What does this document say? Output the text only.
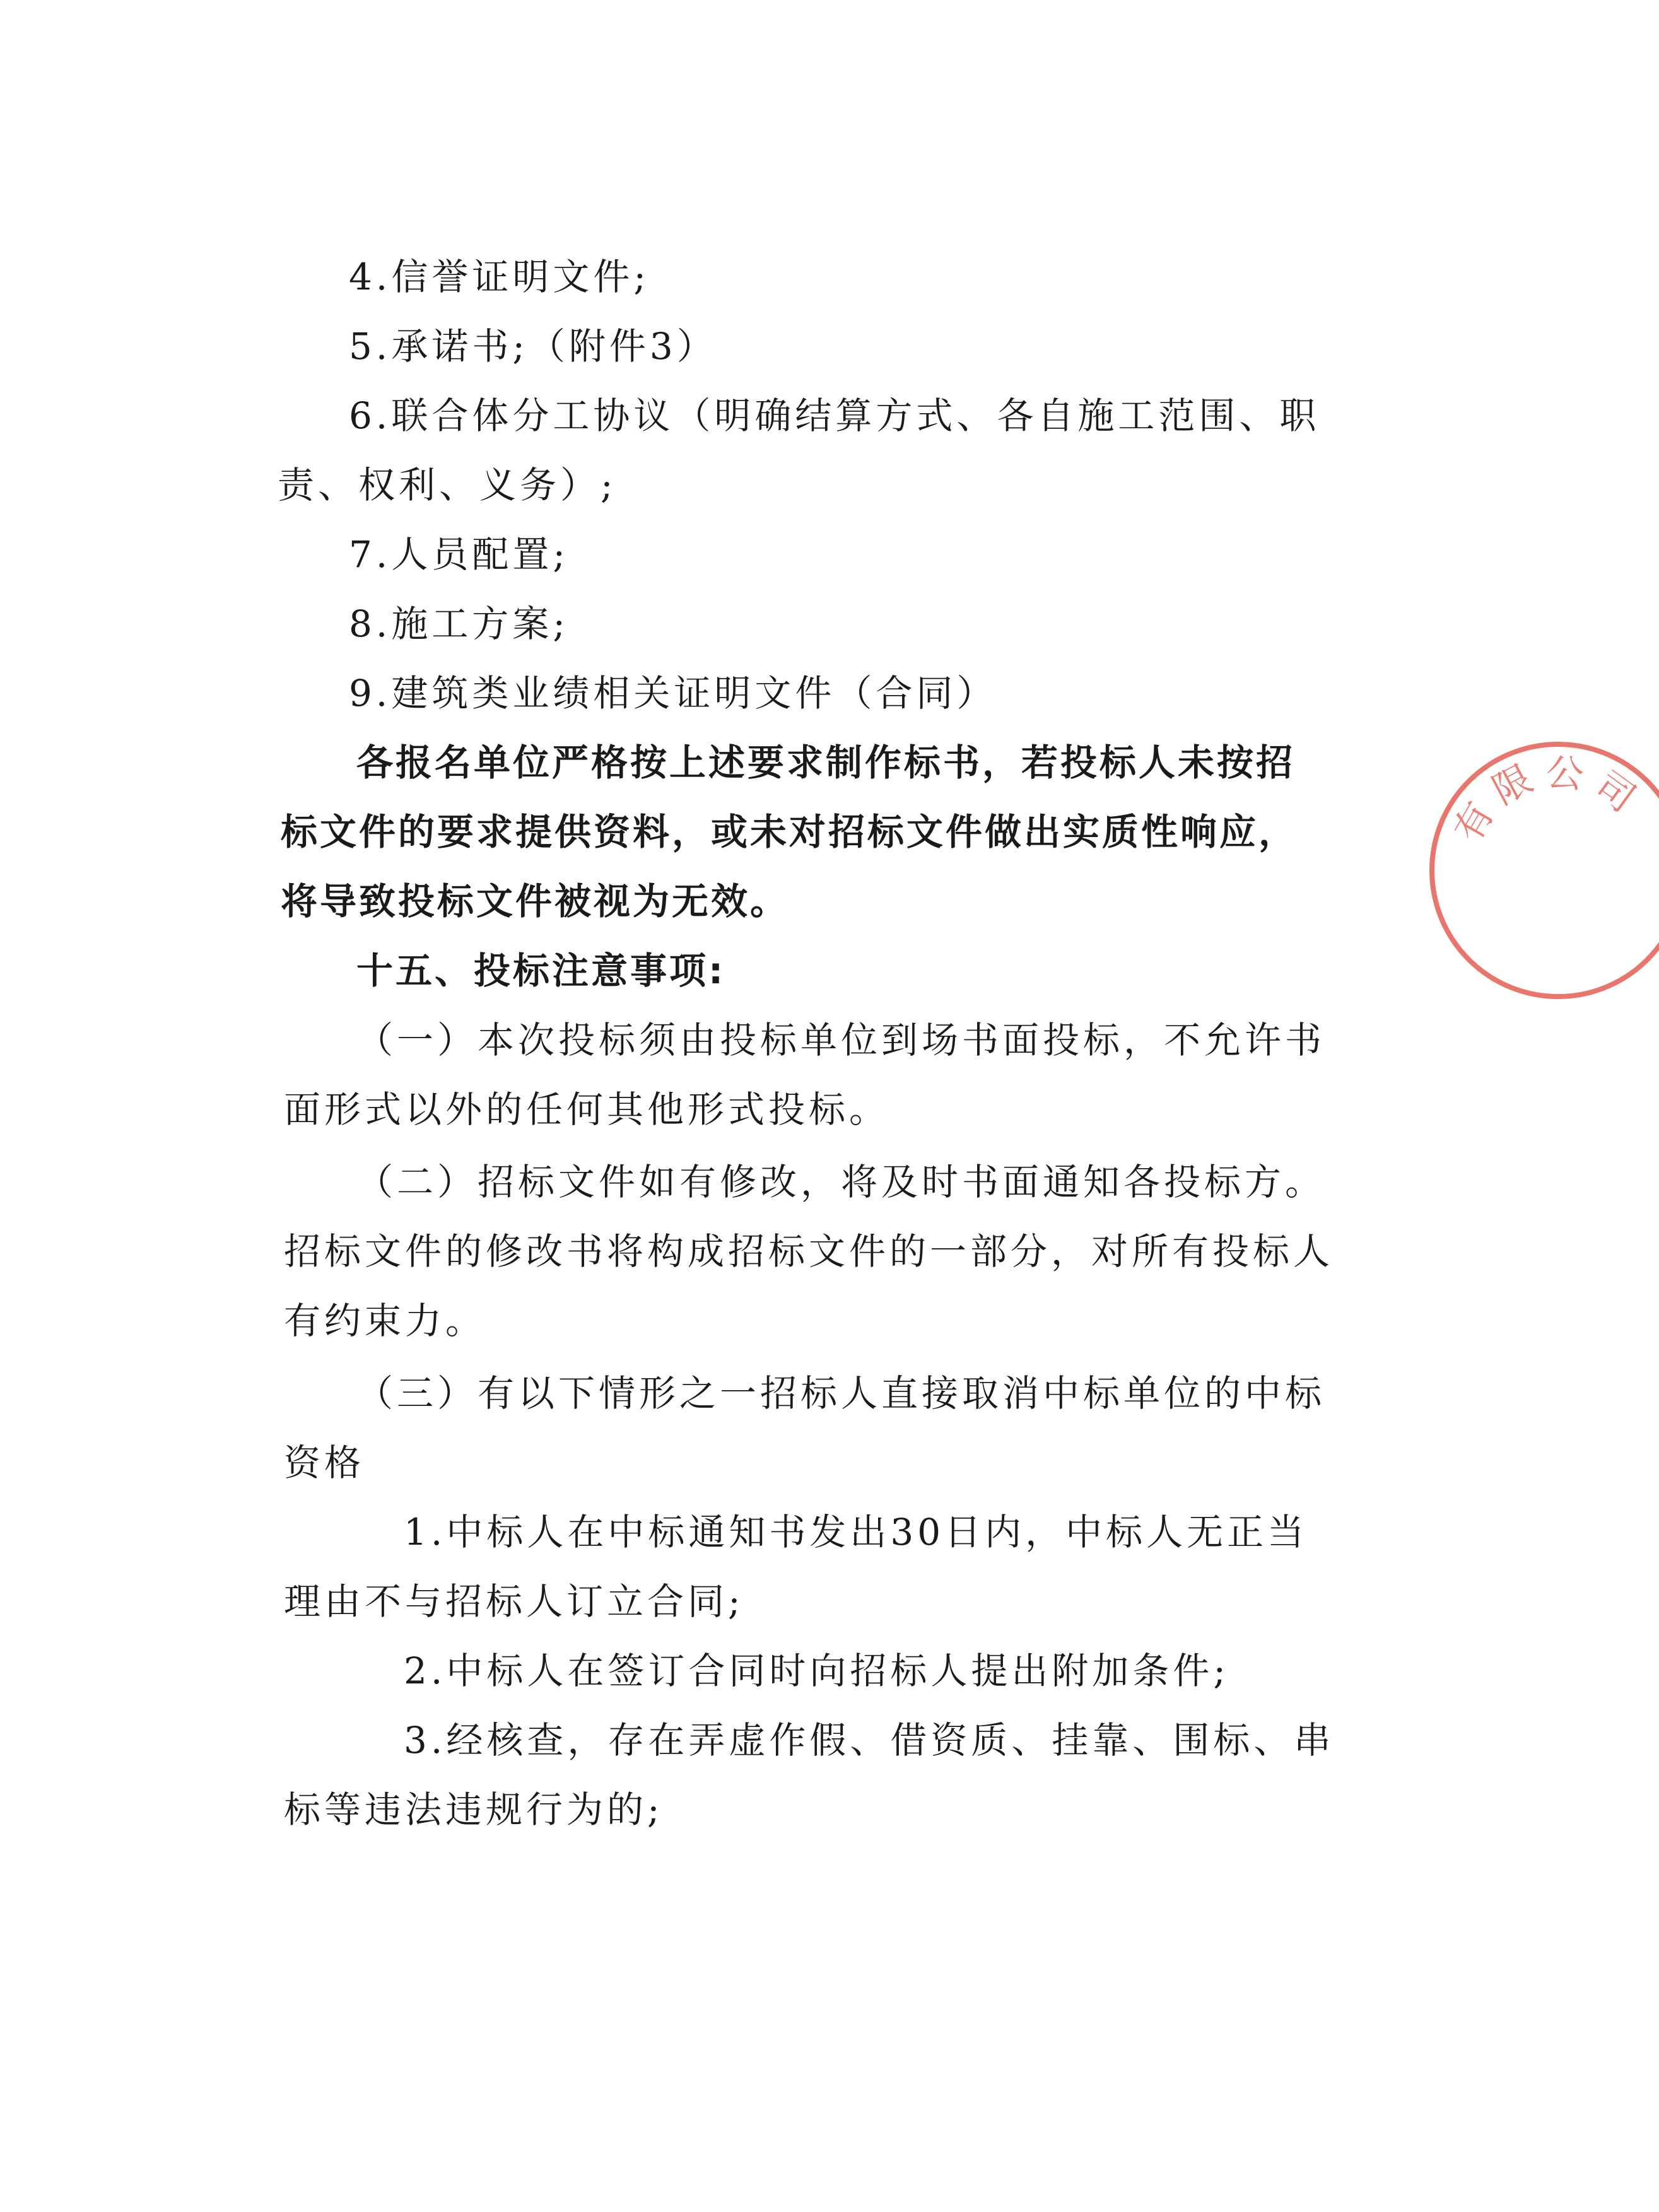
4.信誉证明文件;
5.承诺书;（附件3）
6.联合体分工协议（明确结算方式、各自施工范围、职
责、权利、义务）;
7.人员配置;
8.施工方案;
9.建筑类业绩相关证明文件（合同）
各报名单位严格按上述要求制作标书，若投标人未按招
标文件的要求提供资料，或未对招标文件做出实质性响应，
将导致投标文件被视为无效。
十五、投标注意事项:
（一）本次投标须由投标单位到场书面投标，不允许书
面形式以外的任何其他形式投标。
（二）招标文件如有修改，将及时书面通知各投标方。
招标文件的修改书将构成招标文件的一部分，对所有投标人
有约束力。
（三）有以下情形之一招标人直接取消中标单位的中标
资格
1.中标人在中标通知书发出30日内，中标人无正当
理由不与招标人订立合同;
2.中标人在签订合同时向招标人提出附加条件;
3.经核查，存在弄虚作假、借资质、挂靠、围标、串
标等违法违规行为的;
有
限 公 司
